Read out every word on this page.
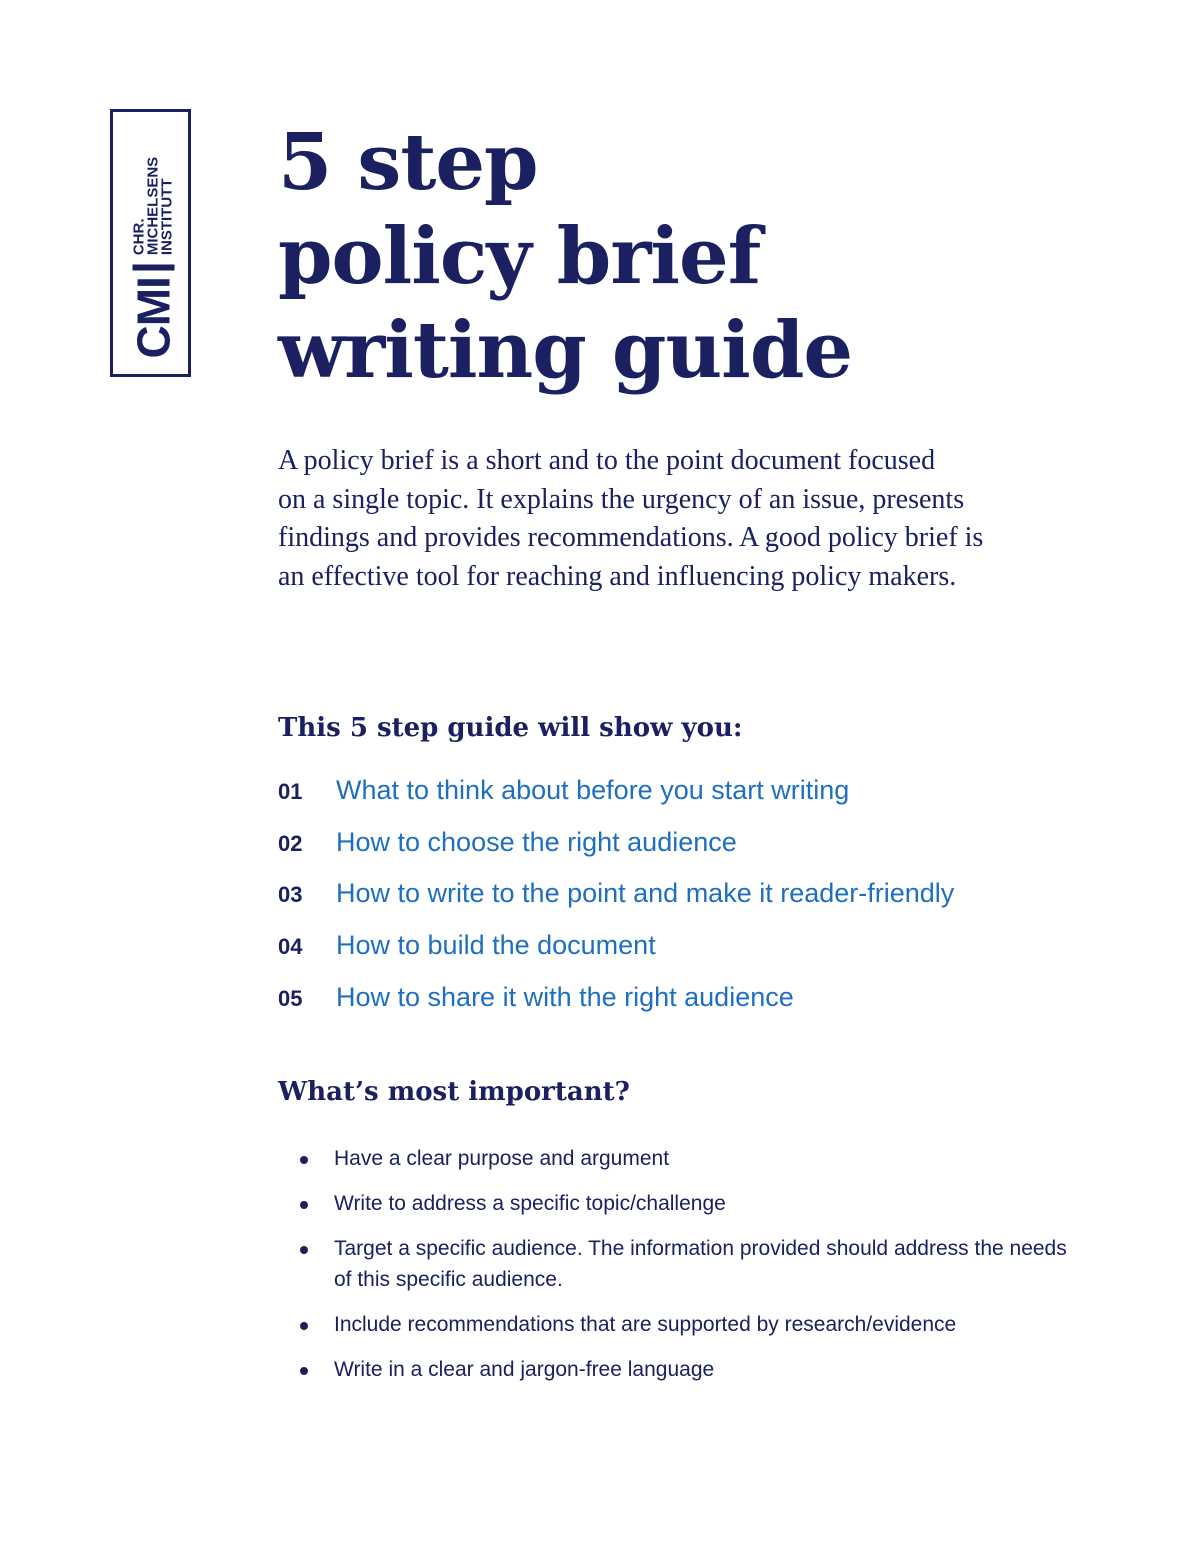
CMI
CHR.
MICHELSENS
INSTITUTT
5 step
policy brief
writing guide
A policy brief is a short and to the point document focused
on a single topic. It explains the urgency of an issue, presents
findings and provides recommendations. A good policy brief is
an effective tool for reaching and influencing policy makers.
This 5 step guide will show you:
01	What to think about before you start writing
02	How to choose the right audience
03	How to write to the point and make it reader-friendly
04	How to build the document
05	How to share it with the right audience
What’s most important?
Have a clear purpose and argument
Write to address a specific topic/challenge
Target a specific audience. The information provided should address the needs of this specific audience.
Include recommendations that are supported by research/evidence
Write in a clear and jargon-free language
